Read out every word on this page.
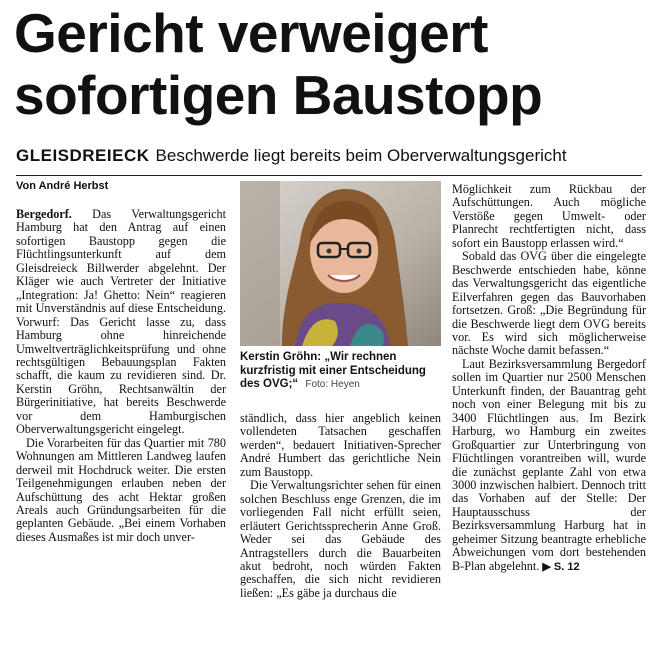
Gericht verweigert
sofortigen Baustopp
GLEISDREIECK Beschwerde liegt bereits beim Oberverwaltungsgericht
Von André Herbst

Bergedorf. Das Verwaltungsgericht Hamburg hat den Antrag auf einen sofortigen Baustopp gegen die Flüchtlingsunterkunft auf dem Gleisdreieck Billwerder abgelehnt. Der Kläger wie auch Vertreter der Initiative „Integration: Ja! Ghetto: Nein“ reagieren mit Unverständnis auf diese Entscheidung. Vorwurf: Das Gericht lasse zu, dass Hamburg ohne hinreichende Umweltverträglichkeitsprüfung und ohne rechtsgültigen Bebauungsplan Fakten schafft, die kaum zu revidieren sind. Dr. Kerstin Gröhn, Rechtsanwältin der Bürgerinitiative, hat bereits Beschwerde vor dem Hamburgischen Oberverwaltungsgericht eingelegt.

Die Vorarbeiten für das Quartier mit 780 Wohnungen am Mittleren Landweg laufen derweil mit Hochdruck weiter. Die ersten Teilgenehmigungen erlauben neben der Aufschüttung des acht Hektar großen Areals auch Gründungsarbeiten für die geplanten Gebäude. „Bei einem Vorhaben dieses Ausmaßes ist mir doch unver-

Kerstin Gröhn: „Wir rechnen kurzfristig mit einer Entscheidung des OVG;“ Foto: Heyen

ständlich, dass hier angeblich keinen vollendeten Tatsachen geschaffen werden“, bedauert Initiativen-Sprecher André Humbert das gerichtliche Nein zum Baustopp.

Die Verwaltungsrichter sehen für einen solchen Beschluss enge Grenzen, die im vorliegenden Fall nicht erfüllt seien, erläutert Gerichtssprecherin Anne Groß. Weder sei das Gebäude des Antragstellers durch die Bauarbeiten akut bedroht, noch würden Fakten geschaffen, die sich nicht revidieren ließen: „Es gäbe ja durchaus die

Möglichkeit zum Rückbau der Aufschüttungen. Auch mögliche Verstöße gegen Umwelt- oder Planrecht rechtfertigten nicht, dass sofort ein Baustopp erlassen wird.“

Sobald das OVG über die eingelegte Beschwerde entschieden habe, könne das Verwaltungsgericht das eigentliche Eilverfahren gegen das Bauvorhaben fortsetzen. Groß: „Die Begründung für die Beschwerde liegt dem OVG bereits vor. Es wird sich möglicherweise nächste Woche damit befassen.“

Laut Bezirksversammlung Bergedorf sollen im Quartier nur 2500 Menschen Unterkunft finden, der Bauantrag geht noch von einer Belegung mit bis zu 3400 Flüchtlingen aus. Im Bezirk Harburg, wo Hamburg ein zweites Großquartier zur Unterbringung von Flüchtlingen vorantreiben will, wurde die zunächst geplante Zahl von etwa 3000 inzwischen halbiert. Dennoch tritt das Vorhaben auf der Stelle: Der Hauptausschuss der Bezirksversammlung Harburg hat in geheimer Sitzung beantragte erhebliche Abweichungen vom dort bestehenden B-Plan abgelehnt. ▶ S. 12
